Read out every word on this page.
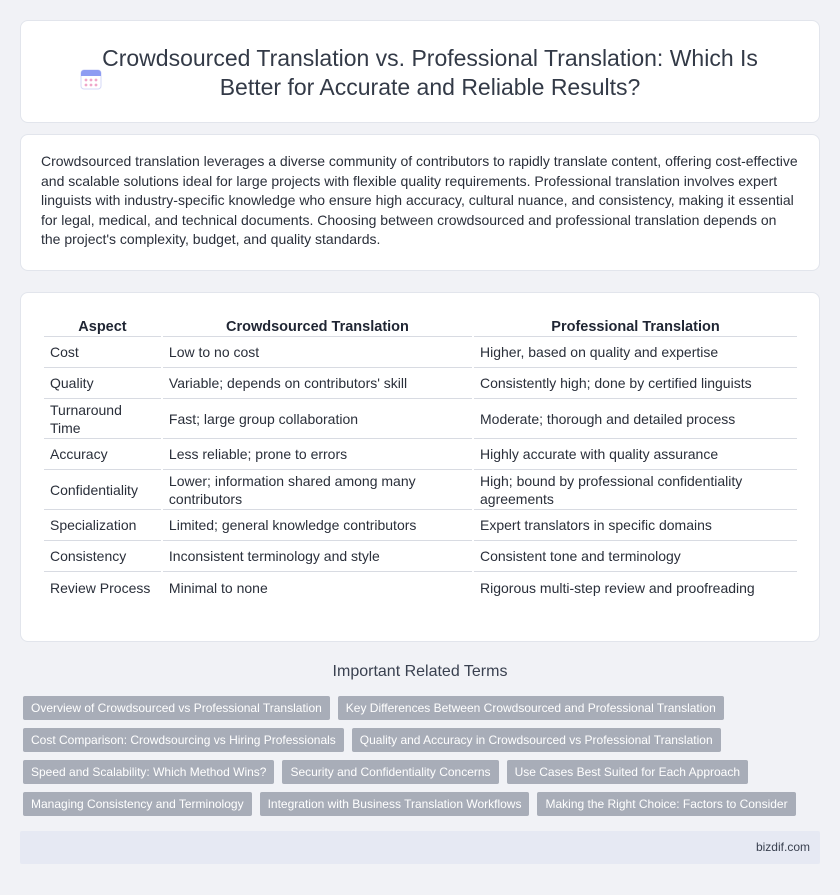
Crowdsourced Translation vs. Professional Translation: Which Is Better for Accurate and Reliable Results?

Crowdsourced translation leverages a diverse community of contributors to rapidly translate content, offering cost-effective and scalable solutions ideal for large projects with flexible quality requirements. Professional translation involves expert linguists with industry-specific knowledge who ensure high accuracy, cultural nuance, and consistency, making it essential for legal, medical, and technical documents. Choosing between crowdsourced and professional translation depends on the project's complexity, budget, and quality standards.

Aspect	Crowdsourced Translation	Professional Translation
Cost	Low to no cost	Higher, based on quality and expertise
Quality	Variable; depends on contributors' skill	Consistently high; done by certified linguists
Turnaround Time	Fast; large group collaboration	Moderate; thorough and detailed process
Accuracy	Less reliable; prone to errors	Highly accurate with quality assurance
Confidentiality	Lower; information shared among many contributors	High; bound by professional confidentiality agreements
Specialization	Limited; general knowledge contributors	Expert translators in specific domains
Consistency	Inconsistent terminology and style	Consistent tone and terminology
Review Process	Minimal to none	Rigorous multi-step review and proofreading
Important Related Terms
Overview of Crowdsourced vs Professional Translation	Key Differences Between Crowdsourced and Professional Translation
Cost Comparison: Crowdsourcing vs Hiring Professionals	Quality and Accuracy in Crowdsourced vs Professional Translation
Speed and Scalability: Which Method Wins?	Security and Confidentiality Concerns	Use Cases Best Suited for Each Approach
Managing Consistency and Terminology	Integration with Business Translation Workflows	Making the Right Choice: Factors to Consider
bizdif.com
